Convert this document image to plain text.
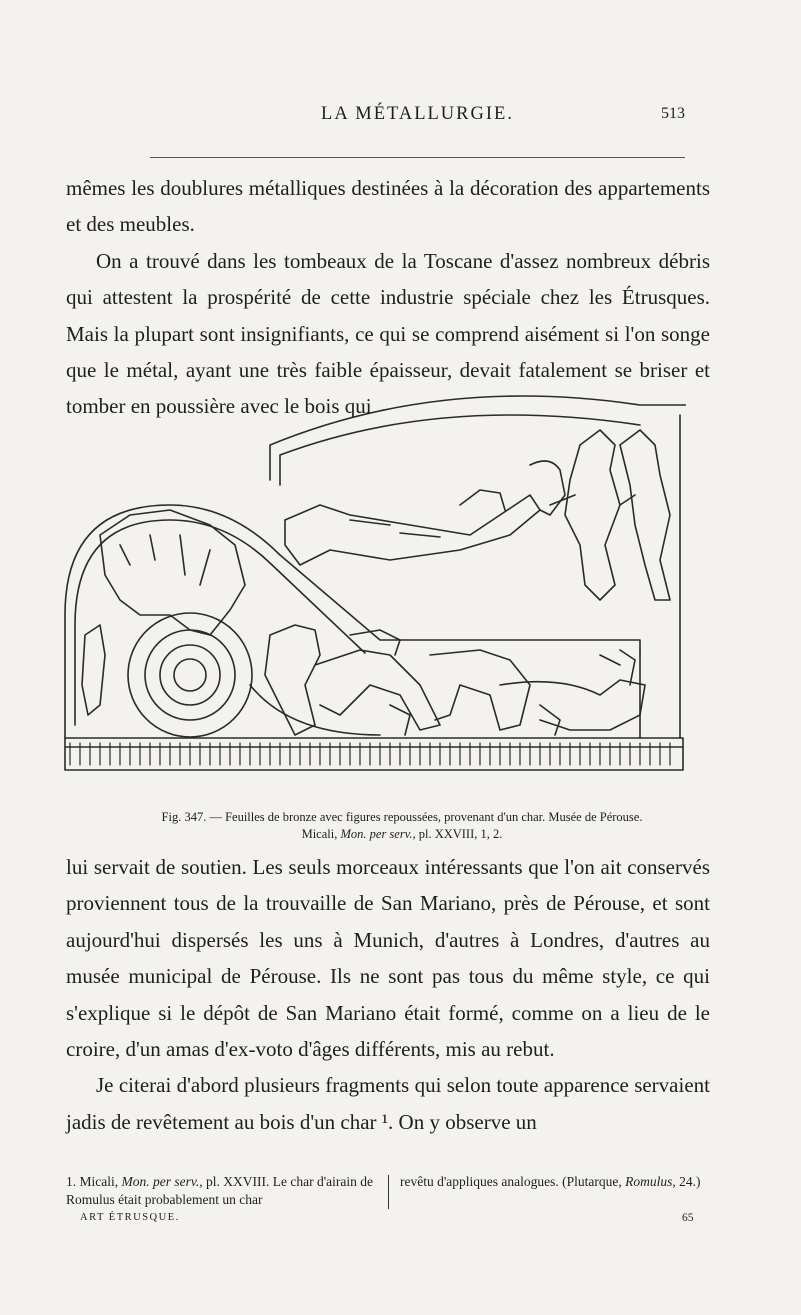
LA MÉTALLURGIE.	513

mêmes les doublures métalliques destinées à la décoration des appartements et des meubles.

On a trouvé dans les tombeaux de la Toscane d'assez nombreux débris qui attestent la prospérité de cette industrie spéciale chez les Étrusques. Mais la plupart sont insignifiants, ce qui se comprend aisément si l'on songe que le métal, ayant une très faible épaisseur, devait fatalement se briser et tomber en poussière avec le bois qui

Fig. 347. — Feuilles de bronze avec figures repoussées, provenant d'un char. Musée de Pérouse.
Micali, Mon. per serv., pl. XXVIII, 1, 2.

lui servait de soutien. Les seuls morceaux intéressants que l'on ait conservés proviennent tous de la trouvaille de San Mariano, près de Pérouse, et sont aujourd'hui dispersés les uns à Munich, d'autres à Londres, d'autres au musée municipal de Pérouse. Ils ne sont pas tous du même style, ce qui s'explique si le dépôt de San Mariano était formé, comme on a lieu de le croire, d'un amas d'ex-voto d'âges différents, mis au rebut.

Je citerai d'abord plusieurs fragments qui selon toute apparence servaient jadis de revêtement au bois d'un char ¹. On y observe un

1. Micali, Mon. per serv., pl. XXVIII. Le char d'airain de Romulus était probablement un char
revêtu d'appliques analogues. (Plutarque, Romulus, 24.)
ART ÉTRUSQUE.	65
